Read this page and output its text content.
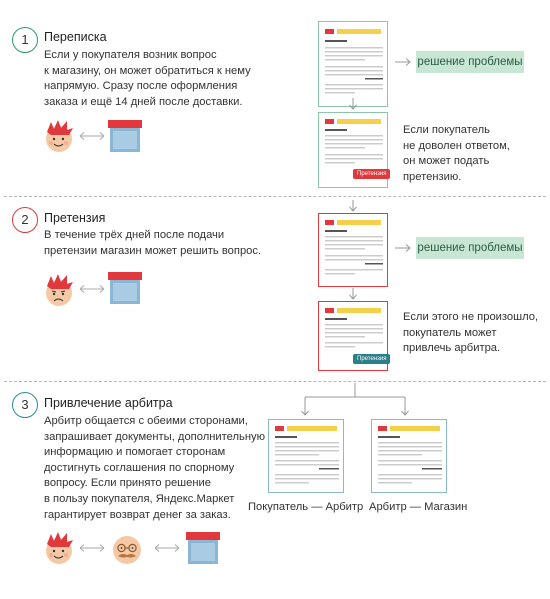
1	Переписка
Если у покупателя возник вопрос
к магазину, он может обратиться к нему
напрямую. Сразу после оформления
заказа и ещё 14 дней после доставки.
решение проблемы
Претензия
Если покупатель
не доволен ответом,
он может подать
претензию.
2	Претензия
В течение трёх дней после подачи
претензии магазин может решить вопрос.	решение проблемы
Претензия
Если этого не произошло,
покупатель может
привлечь арбитра.
3	Привлечение арбитра
Арбитр общается с обеими сторонами,
запрашивает документы, дополнительную
информацию и помогает сторонам
достигнуть соглашения по спорному
вопросу. Если принято решение
в пользу покупателя, Яндекс.Маркет
гарантирует возврат денег за заказ.
Покупатель — Арбитр Арбитр — Магазин
